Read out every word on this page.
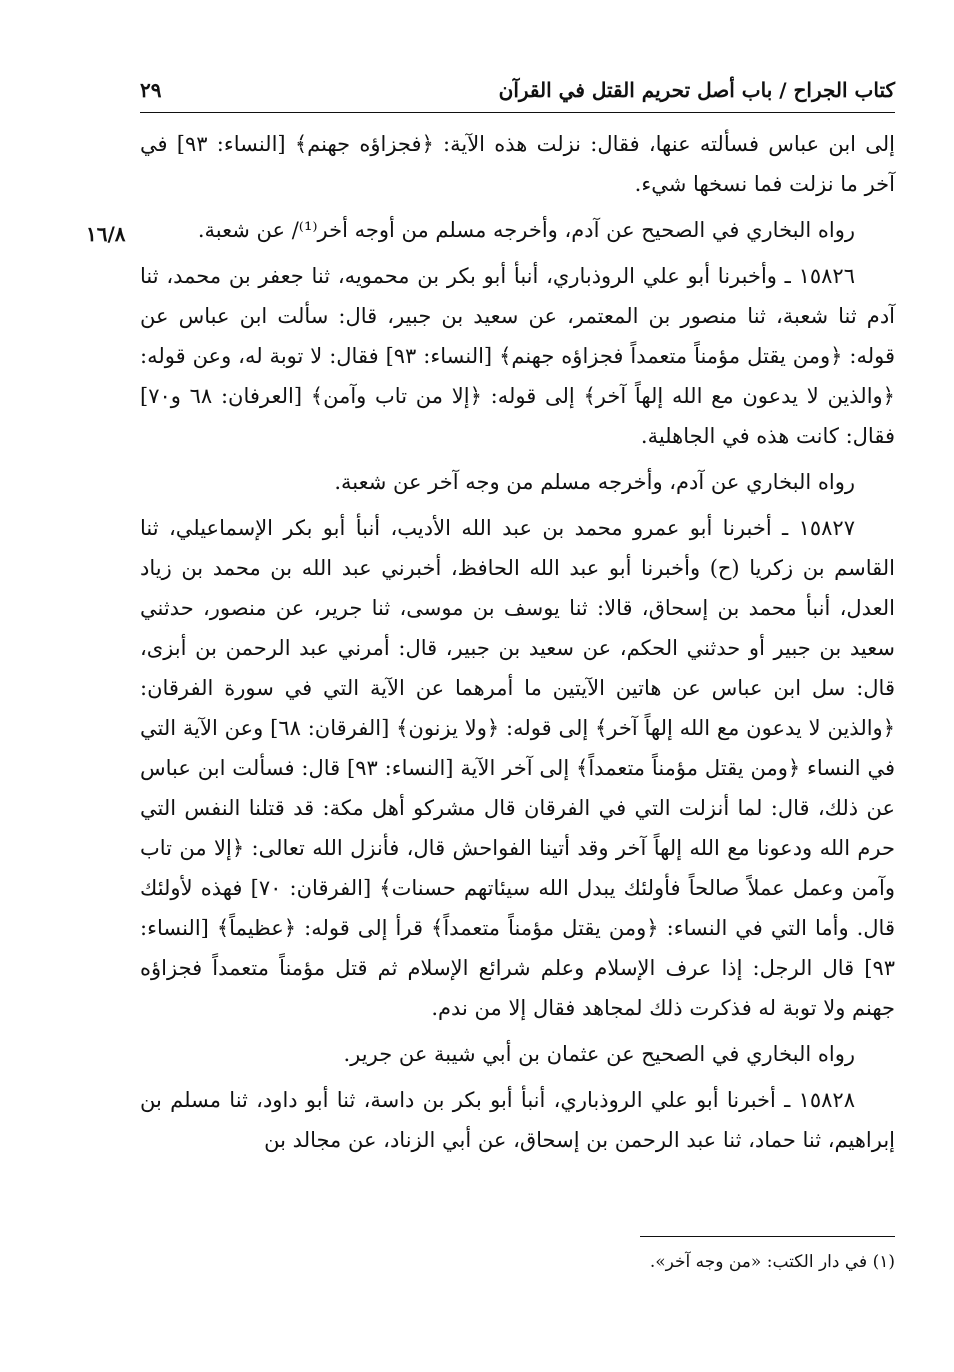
كتاب الجراح / باب أصل تحريم القتل في القرآن
٢٩
١٦/٨

إلى ابن عباس فسألته عنها، فقال: نزلت هذه الآية: ﴿فجزاؤه جهنم﴾ [النساء: ٩٣] في آخر ما نزلت فما نسخها شيء.

رواه البخاري في الصحيح عن آدم، وأخرجه مسلم من أوجه أخر⁽¹⁾/ عن شعبة.

١٥٨٢٦ ـ وأخبرنا أبو علي الروذباري، أنبأ أبو بكر بن محمويه، ثنا جعفر بن محمد، ثنا آدم ثنا شعبة، ثنا منصور بن المعتمر، عن سعيد بن جبير، قال: سألت ابن عباس عن قوله: ﴿ومن يقتل مؤمناً متعمداً فجزاؤه جهنم﴾ [النساء: ٩٣] فقال: لا توبة له، وعن قوله: ﴿والذين لا يدعون مع الله إلهاً آخر﴾ إلى قوله: ﴿إلا من تاب وآمن﴾ [العرفان: ٦٨ و٧٠] فقال: كانت هذه في الجاهلية.

رواه البخاري عن آدم، وأخرجه مسلم من وجه آخر عن شعبة.

١٥٨٢٧ ـ أخبرنا أبو عمرو محمد بن عبد الله الأديب، أنبأ أبو بكر الإسماعيلي، ثنا القاسم بن زكريا (ح) وأخبرنا أبو عبد الله الحافظ، أخبرني عبد الله بن محمد بن زياد العدل، أنبأ محمد بن إسحاق، قالا: ثنا يوسف بن موسى، ثنا جرير، عن منصور، حدثني سعيد بن جبير أو حدثني الحكم، عن سعيد بن جبير، قال: أمرني عبد الرحمن بن أبزى، قال: سل ابن عباس عن هاتين الآيتين ما أمرهما عن الآية التي في سورة الفرقان: ﴿والذين لا يدعون مع الله إلهاً آخر﴾ إلى قوله: ﴿ولا يزنون﴾ [الفرقان: ٦٨] وعن الآية التي في النساء ﴿ومن يقتل مؤمناً متعمداً﴾ إلى آخر الآية [النساء: ٩٣] قال: فسألت ابن عباس عن ذلك، قال: لما أنزلت التي في الفرقان قال مشركو أهل مكة: قد قتلنا النفس التي حرم الله ودعونا مع الله إلهاً آخر وقد أتينا الفواحش قال، فأنزل الله تعالى: ﴿إلا من تاب وآمن وعمل عملاً صالحاً فأولئك يبدل الله سيئاتهم حسنات﴾ [الفرقان: ٧٠] فهذه لأولئك قال. وأما التي في النساء: ﴿ومن يقتل مؤمناً متعمداً﴾ قرأ إلى قوله: ﴿عظيماً﴾ [النساء: ٩٣] قال الرجل: إذا عرف الإسلام وعلم شرائع الإسلام ثم قتل مؤمناً متعمداً فجزاؤه جهنم ولا توبة له فذكرت ذلك لمجاهد فقال إلا من ندم.

رواه البخاري في الصحيح عن عثمان بن أبي شيبة عن جرير.

١٥٨٢٨ ـ أخبرنا أبو علي الروذباري، أنبأ أبو بكر بن داسة، ثنا أبو داود، ثنا مسلم بن إبراهيم، ثنا حماد، ثنا عبد الرحمن بن إسحاق، عن أبي الزناد، عن مجالد بن

(١) في دار الكتب: «من وجه آخر».
